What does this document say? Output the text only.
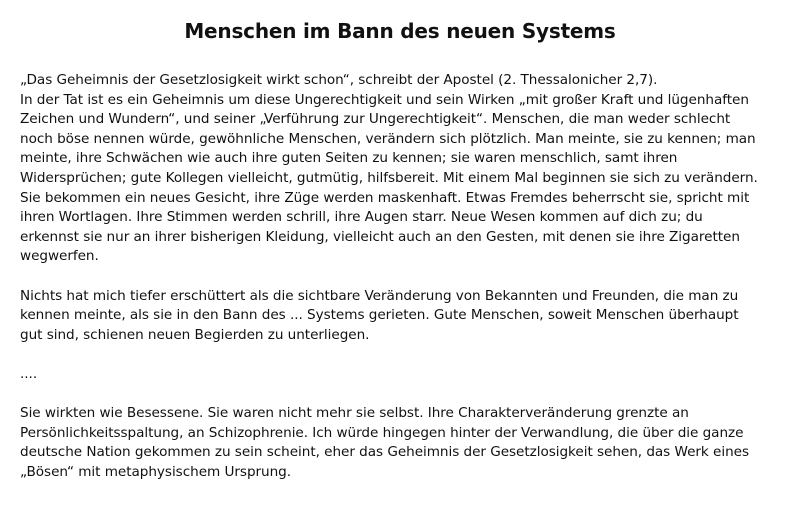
Menschen im Bann des neuen Systems

„Das Geheimnis der Gesetzlosigkeit wirkt schon“, schreibt der Apostel (2. Thessalonicher 2,7).
In der Tat ist es ein Geheimnis um diese Ungerechtigkeit und sein Wirken „mit großer Kraft und lügenhaften
Zeichen und Wundern“, und seiner „Verführung zur Ungerechtigkeit“. Menschen, die man weder schlecht
noch böse nennen würde, gewöhnliche Menschen, verändern sich plötzlich. Man meinte, sie zu kennen; man
meinte, ihre Schwächen wie auch ihre guten Seiten zu kennen; sie waren menschlich, samt ihren
Widersprüchen; gute Kollegen vielleicht, gutmütig, hilfsbereit. Mit einem Mal beginnen sie sich zu verändern.
Sie bekommen ein neues Gesicht, ihre Züge werden maskenhaft. Etwas Fremdes beherrscht sie, spricht mit
ihren Wortlagen. Ihre Stimmen werden schrill, ihre Augen starr. Neue Wesen kommen auf dich zu; du
erkennst sie nur an ihrer bisherigen Kleidung, vielleicht auch an den Gesten, mit denen sie ihre Zigaretten
wegwerfen.

Nichts hat mich tiefer erschüttert als die sichtbare Veränderung von Bekannten und Freunden, die man zu
kennen meinte, als sie in den Bann des ... Systems gerieten. Gute Menschen, soweit Menschen überhaupt
gut sind, schienen neuen Begierden zu unterliegen.

....

Sie wirkten wie Besessene. Sie waren nicht mehr sie selbst. Ihre Charakterveränderung grenzte an
Persönlichkeitsspaltung, an Schizophrenie. Ich würde hingegen hinter der Verwandlung, die über die ganze
deutsche Nation gekommen zu sein scheint, eher das Geheimnis der Gesetzlosigkeit sehen, das Werk eines
„Bösen“ mit metaphysischem Ursprung.
